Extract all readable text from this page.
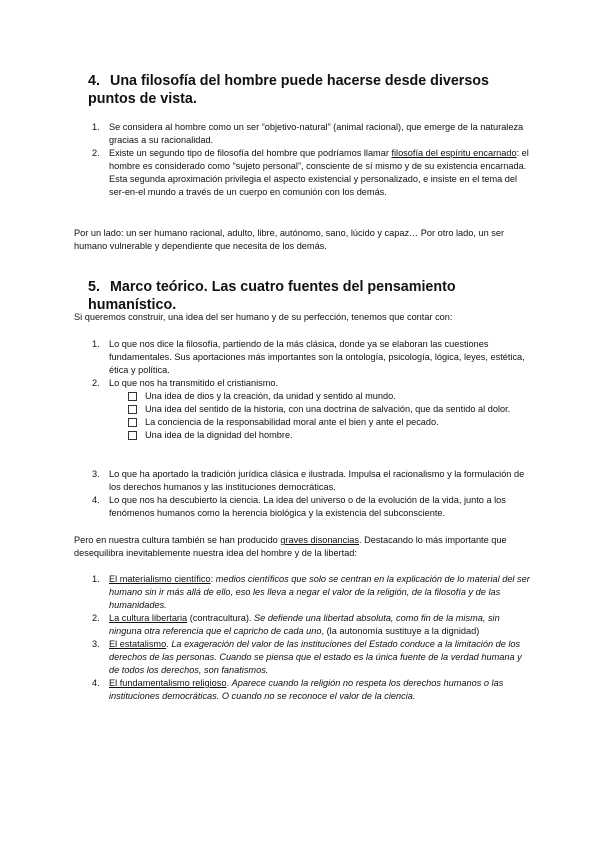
4. Una filosofía del hombre puede hacerse desde diversos puntos de vista.
1. Se considera al hombre como un ser “objetivo-natural” (animal racional), que emerge de la naturaleza gracias a su racionalidad.
2. Existe un segundo tipo de filosofía del hombre que podríamos llamar filosofía del espíritu encarnado: el hombre es considerado como “sujeto personal”, consciente de sí mismo y de su existencia encarnada. Esta segunda aproximación privilegia el aspecto existencial y personalizado, e insiste en el tema del ser-en-el mundo a través de un cuerpo en comunión con los demás.

Por un lado: un ser humano racional, adulto, libre, autónomo, sano, lúcido y capaz… Por otro lado, un ser humano vulnerable y dependiente que necesita de los demás.

5. Marco teórico. Las cuatro fuentes del pensamiento humanístico.

Si queremos construir, una idea del ser humano y de su perfección, tenemos que contar con:

1. Lo que nos dice la filosofía, partiendo de la más clásica, donde ya se elaboran las cuestiones fundamentales. Sus aportaciones más importantes son la ontología, psicología, lógica, leyes, estética, ética y política.
2. Lo que nos ha transmitido el cristianismo.
Una idea de dios y la creación, da unidad y sentido al mundo.
Una idea del sentido de la historia, con una doctrina de salvación, que da sentido al dolor.
La conciencia de la responsabilidad moral ante el bien y ante el pecado.
Una idea de la dignidad del hombre.
3. Lo que ha aportado la tradición jurídica clásica e ilustrada. Impulsa el racionalismo y la formulación de los derechos humanos y las instituciones democráticas.
4. Lo que nos ha descubierto la ciencia. La idea del universo o de la evolución de la vida, junto a los fenómenos humanos como la herencia biológica y la existencia del subconsciente.

Pero en nuestra cultura también se han producido graves disonancias. Destacando lo más importante que desequilibra inevitablemente nuestra idea del hombre y de la libertad:

1. El materialismo científico: medios científicos que solo se centran en la explicación de lo material del ser humano sin ir más allá de ello, eso les lleva a negar el valor de la religión, de la filosofía y de las humanidades.
2. La cultura libertaria (contracultura). Se defiende una libertad absoluta, como fin de la misma, sin ninguna otra referencia que el capricho de cada uno, (la autonomía sustituye a la dignidad)
3. El estatalismo. La exageración del valor de las instituciones del Estado conduce a la limitación de los derechos de las personas. Cuando se piensa que el estado es la única fuente de la verdad humana y de todos los derechos, son fanatismos.
4. El fundamentalismo religioso. Aparece cuando la religión no respeta los derechos humanos o las instituciones democráticas. O cuando no se reconoce el valor de la ciencia.
